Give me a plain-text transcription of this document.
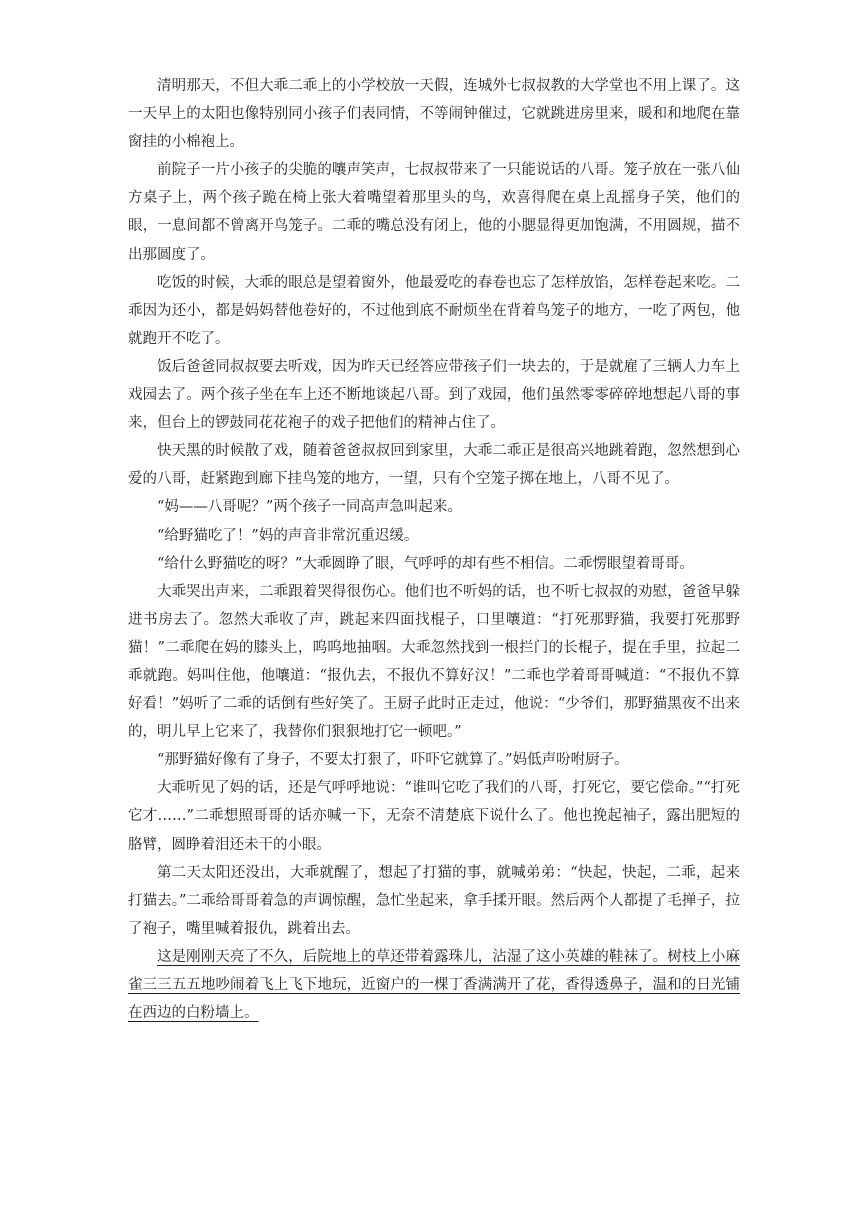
清明那天，不但大乖二乖上的小学校放一天假，连城外七叔叔教的大学堂也不用上课了。这一天早上的太阳也像特别同小孩子们表同情，不等闹钟催过，它就跳进房里来，暖和和地爬在靠窗挂的小棉袍上。

前院子一片小孩子的尖脆的嚷声笑声，七叔叔带来了一只能说话的八哥。笼子放在一张八仙方桌子上，两个孩子跪在椅上张大着嘴望着那里头的鸟，欢喜得爬在桌上乱摇身子笑，他们的眼，一息间都不曾离开鸟笼子。二乖的嘴总没有闭上，他的小腮显得更加饱满，不用圆规，描不出那圆度了。

吃饭的时候，大乖的眼总是望着窗外，他最爱吃的春卷也忘了怎样放馅，怎样卷起来吃。二乖因为还小，都是妈妈替他卷好的，不过他到底不耐烦坐在背着鸟笼子的地方，一吃了两包，他就跑开不吃了。

饭后爸爸同叔叔要去听戏，因为昨天已经答应带孩子们一块去的，于是就雇了三辆人力车上戏园去了。两个孩子坐在车上还不断地谈起八哥。到了戏园，他们虽然零零碎碎地想起八哥的事来，但台上的锣鼓同花花袍子的戏子把他们的精神占住了。

快天黑的时候散了戏，随着爸爸叔叔回到家里，大乖二乖正是很高兴地跳着跑，忽然想到心爱的八哥，赶紧跑到廊下挂鸟笼的地方，一望，只有个空笼子掷在地上，八哥不见了。

“妈——八哥呢？”两个孩子一同高声急叫起来。

“给野猫吃了！”妈的声音非常沉重迟缓。

“给什么野猫吃的呀？”大乖圆睁了眼，气呼呼的却有些不相信。二乖愣眼望着哥哥。

大乖哭出声来，二乖跟着哭得很伤心。他们也不听妈的话，也不听七叔叔的劝慰，爸爸早躲进书房去了。忽然大乖收了声，跳起来四面找棍子，口里嚷道：“打死那野猫，我要打死那野猫！”二乖爬在妈的膝头上，呜呜地抽咽。大乖忽然找到一根拦门的长棍子，提在手里，拉起二乖就跑。妈叫住他，他嚷道：“报仇去，不报仇不算好汉！”二乖也学着哥哥喊道：“不报仇不算好看！”妈听了二乖的话倒有些好笑了。王厨子此时正走过，他说：“少爷们，那野猫黑夜不出来的，明儿早上它来了，我替你们狠狠地打它一顿吧。”

“那野猫好像有了身子，不要太打狠了，吓吓它就算了。”妈低声吩咐厨子。

大乖听见了妈的话，还是气呼呼地说：“谁叫它吃了我们的八哥，打死它，要它偿命。”“打死它才……”二乖想照哥哥的话亦喊一下，无奈不清楚底下说什么了。他也挽起袖子，露出肥短的胳臂，圆睁着泪还未干的小眼。

第二天太阳还没出，大乖就醒了，想起了打猫的事，就喊弟弟：“快起，快起，二乖，起来打猫去。”二乖给哥哥着急的声调惊醒，急忙坐起来，拿手揉开眼。然后两个人都提了毛掸子，拉了袍子，嘴里喊着报仇，跳着出去。

这是刚刚天亮了不久，后院地上的草还带着露珠儿，沾湿了这小英雄的鞋袜了。树枝上小麻雀三三五五地吵闹着飞上飞下地玩，近窗户的一棵丁香满满开了花，香得透鼻子，温和的日光铺在西边的白粉墙上。
